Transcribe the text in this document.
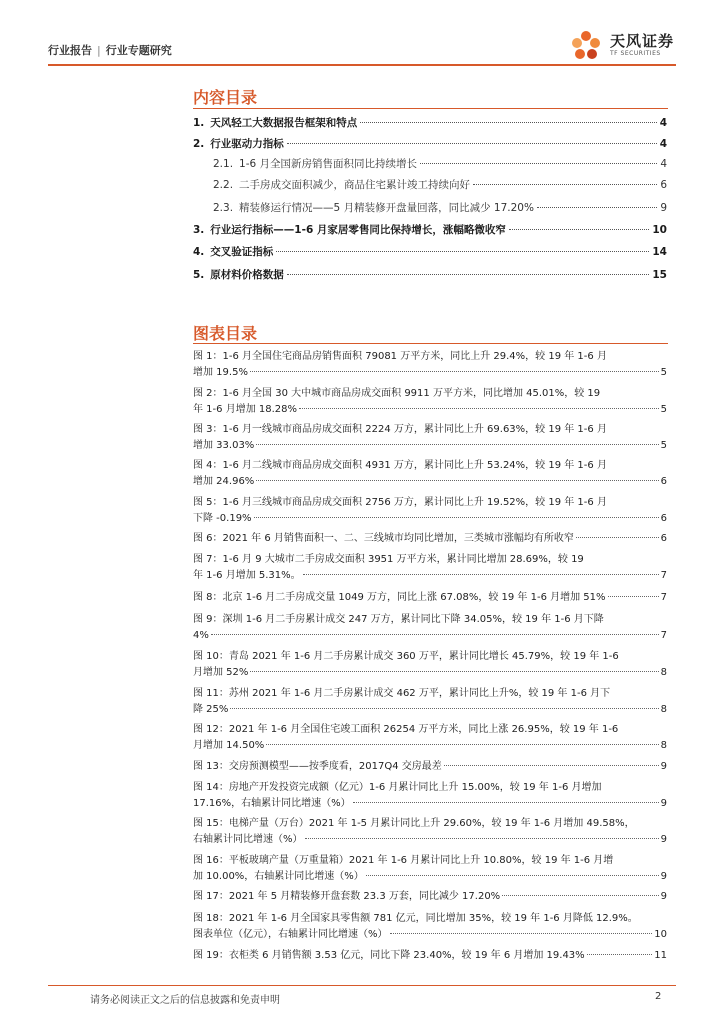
行业报告 | 行业专题研究
天风证券
TF SECURITIES
内容目录
1. 天风轻工大数据报告框架和特点	4
2. 行业驱动力指标	4
2.1. 1-6 月全国新房销售面积同比持续增长	4
2.2. 二手房成交面积减少，商品住宅累计竣工持续向好	6
2.3. 精装修运行情况——5 月精装修开盘量回落，同比减少 17.20%	9
3. 行业运行指标——1-6 月家居零售同比保持增长，涨幅略微收窄	10
4. 交叉验证指标	14
5. 原材料价格数据	15
图表目录
图 1：1-6 月全国住宅商品房销售面积 79081 万平方米，同比上升 29.4%，较 19 年 1-6 月
增加 19.5%	5
图 2：1-6 月全国 30 大中城市商品房成交面积 9911 万平方米，同比增加 45.01%，较 19
年 1-6 月增加 18.28%	5
图 3：1-6 月一线城市商品房成交面积 2224 万方，累计同比上升 69.63%，较 19 年 1-6 月
增加 33.03%	5
图 4：1-6 月二线城市商品房成交面积 4931 万方，累计同比上升 53.24%，较 19 年 1-6 月
增加 24.96%	6
图 5：1-6 月三线城市商品房成交面积 2756 万方，累计同比上升 19.52%，较 19 年 1-6 月
下降 -0.19%	6
图 6： 2021 年 6 月销售面积一、二、三线城市均同比增加，三类城市涨幅均有所收窄	6
图 7：1-6 月 9 大城市二手房成交面积 3951 万平方米，累计同比增加 28.69%，较 19
年 1-6 月增加 5.31%。	7
图 8： 北京 1-6 月二手房成交量 1049 万方，同比上涨 67.08%，较 19 年 1-6 月增加 51%	7
图 9：深圳 1-6 月二手房累计成交 247 万方，累计同比下降 34.05%，较 19 年 1-6 月下降
4%	7
图 10：青岛 2021 年 1-6 月二手房累计成交 360 万平，累计同比增长 45.79%，较 19 年 1-6
月增加 52%	8
图 11：苏州 2021 年 1-6 月二手房累计成交 462 万平，累计同比上升%，较 19 年 1-6 月下
降 25%	8
图 12：2021 年 1-6 月全国住宅竣工面积 26254 万平方米，同比上涨 26.95%，较 19 年 1-6
月增加 14.50%	8
图 13： 交房预测模型——按季度看，2017Q4 交房最差	9
图 14：房地产开发投资完成额（亿元）1-6 月累计同比上升 15.00%，较 19 年 1-6 月增加
17.16%，右轴累计同比增速（%）	9
图 15：电梯产量（万台）2021 年 1-5 月累计同比上升 29.60%，较 19 年 1-6 月增加 49.58%，
右轴累计同比增速（%）	9
图 16：平板玻璃产量（万重量箱）2021 年 1-6 月累计同比上升 10.80%，较 19 年 1-6 月增
加 10.00%，右轴累计同比增速（%）	9
图 17： 2021 年 5 月精装修开盘套数 23.3 万套，同比减少 17.20%	9
图 18：2021 年 1-6 月全国家具零售额 781 亿元，同比增加 35%，较 19 年 1-6 月降低 12.9%。
图表单位（亿元），右轴累计同比增速（%）	10
图 19： 衣柜类 6 月销售额 3.53 亿元，同比下降 23.40%，较 19 年 6 月增加 19.43%	11
请务必阅读正文之后的信息披露和免责申明	2
